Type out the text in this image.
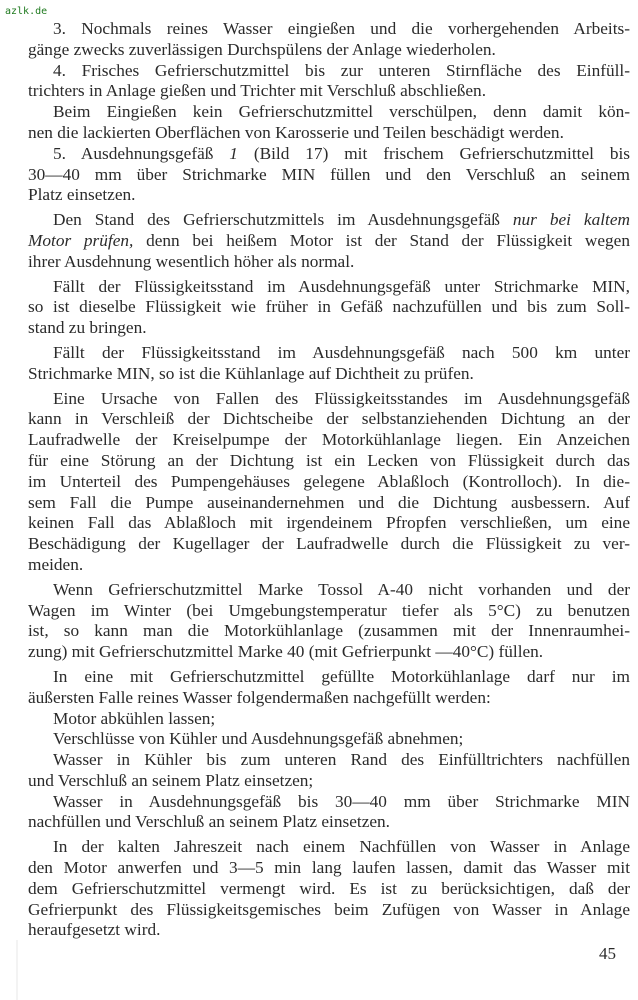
azlk.de
3. Nochmals reines Wasser eingießen und die vorhergehenden Arbeits-
gänge zwecks zuverlässigen Durchspülens der Anlage wiederholen.
4. Frisches Gefrierschutzmittel bis zur unteren Stirnfläche des Einfüll-
trichters in Anlage gießen und Trichter mit Verschluß abschließen.
Beim Eingießen kein Gefrierschutzmittel verschülpen, denn damit kön-
nen die lackierten Oberflächen von Karosserie und Teilen beschädigt werden.
5. Ausdehnungsgefäß 1 (Bild 17) mit frischem Gefrierschutzmittel bis
30—40 mm über Strichmarke MIN füllen und den Verschluß an seinem
Platz einsetzen.
Den Stand des Gefrierschutzmittels im Ausdehnungsgefäß nur bei kaltem
Motor prüfen, denn bei heißem Motor ist der Stand der Flüssigkeit wegen
ihrer Ausdehnung wesentlich höher als normal.
Fällt der Flüssigkeitsstand im Ausdehnungsgefäß unter Strichmarke MIN,
so ist dieselbe Flüssigkeit wie früher in Gefäß nachzufüllen und bis zum Soll-
stand zu bringen.
Fällt der Flüssigkeitsstand im Ausdehnungsgefäß nach 500 km unter
Strichmarke MIN, so ist die Kühlanlage auf Dichtheit zu prüfen.
Eine Ursache von Fallen des Flüssigkeitsstandes im Ausdehnungsgefäß
kann in Verschleiß der Dichtscheibe der selbstanziehenden Dichtung an der
Laufradwelle der Kreiselpumpe der Motorkühlanlage liegen. Ein Anzeichen
für eine Störung an der Dichtung ist ein Lecken von Flüssigkeit durch das
im Unterteil des Pumpengehäuses gelegene Ablaßloch (Kontrolloch). In die-
sem Fall die Pumpe auseinandernehmen und die Dichtung ausbessern. Auf
keinen Fall das Ablaßloch mit irgendeinem Pfropfen verschließen, um eine
Beschädigung der Kugellager der Laufradwelle durch die Flüssigkeit zu ver-
meiden.
Wenn Gefrierschutzmittel Marke Tossol A-40 nicht vorhanden und der
Wagen im Winter (bei Umgebungstemperatur tiefer als 5°C) zu benutzen
ist, so kann man die Motorkühlanlage (zusammen mit der Innenraumhei-
zung) mit Gefrierschutzmittel Marke 40 (mit Gefrierpunkt —40°C) füllen.
In eine mit Gefrierschutzmittel gefüllte Motorkühlanlage darf nur im
äußersten Falle reines Wasser folgendermaßen nachgefüllt werden:
Motor abkühlen lassen;
Verschlüsse von Kühler und Ausdehnungsgefäß abnehmen;
Wasser in Kühler bis zum unteren Rand des Einfülltrichters nachfüllen
und Verschluß an seinem Platz einsetzen;
Wasser in Ausdehnungsgefäß bis 30—40 mm über Strichmarke MIN
nachfüllen und Verschluß an seinem Platz einsetzen.
In der kalten Jahreszeit nach einem Nachfüllen von Wasser in Anlage
den Motor anwerfen und 3—5 min lang laufen lassen, damit das Wasser mit
dem Gefrierschutzmittel vermengt wird. Es ist zu berücksichtigen, daß der
Gefrierpunkt des Flüssigkeitsgemisches beim Zufügen von Wasser in Anlage
heraufgesetzt wird.
45
